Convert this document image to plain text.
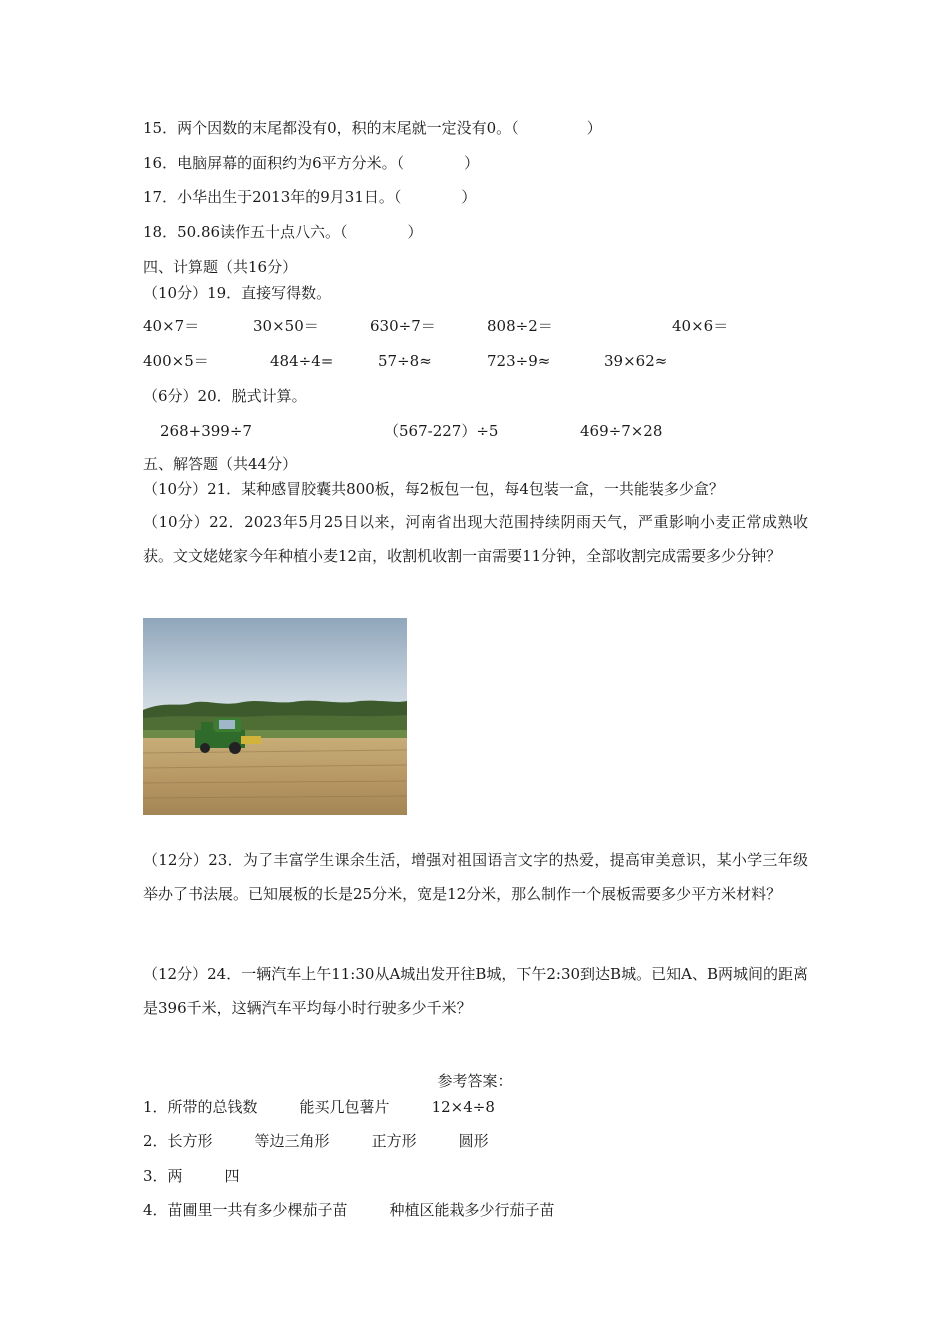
15．两个因数的末尾都没有0，积的末尾就一定没有0。（	）
16．电脑屏幕的面积约为6平方分米。（	）
17．小华出生于2013年的9月31日。（	）
18．50.86读作五十点八六。（	）
四、计算题（共16分）
（10分）19．直接写得数。
40×7＝	30×50＝	630÷7＝	808÷2＝	40×6＝
400×5＝	484÷4=	57÷8≈	723÷9≈	39×62≈
（6分）20．脱式计算。
268+399÷7	（567-227）÷5	469÷7×28
五、解答题（共44分）
（10分）21．某种感冒胶囊共800板，每2板包一包，每4包装一盒，一共能装多少盒？
（10分）22．2023年5月25日以来，河南省出现大范围持续阴雨天气，严重影响小麦正常成熟收获。文文姥姥家今年种植小麦12亩，收割机收割一亩需要11分钟，全部收割完成需要多少分钟？
（12分）23．为了丰富学生课余生活，增强对祖国语言文字的热爱，提高审美意识，某小学三年级举办了书法展。已知展板的长是25分米，宽是12分米，那么制作一个展板需要多少平方米材料？
（12分）24．一辆汽车上午11:30从A城出发开往B城，下午2:30到达B城。已知A、B两城间的距离是396千米，这辆汽车平均每小时行驶多少千米？
参考答案：
1．所带的总钱数	能买几包薯片	12×4÷8
2．长方形	等边三角形	正方形	圆形
3．两	四
4．苗圃里一共有多少棵茄子苗	种植区能栽多少行茄子苗
